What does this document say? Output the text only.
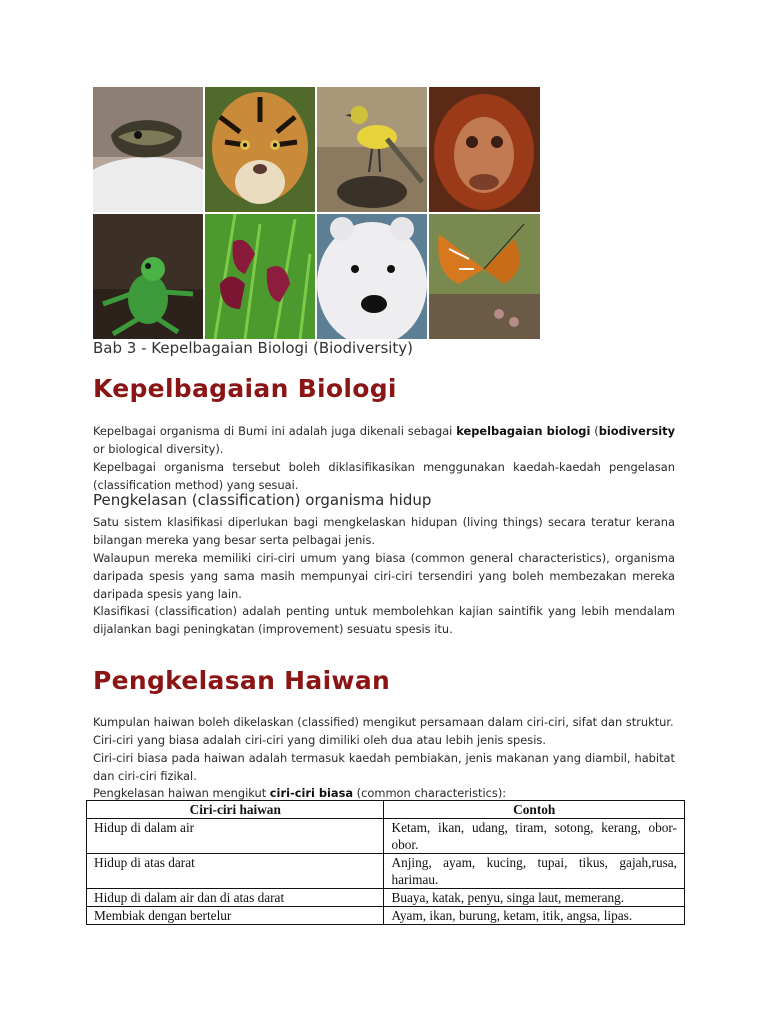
Bab 3 - Kepelbagaian Biologi (Biodiversity)
Kepelbagaian Biologi

Kepelbagai organisma di Bumi ini adalah juga dikenali sebagai kepelbagaian biologi (biodiversity or biological diversity).

Kepelbagai organisma tersebut boleh diklasifikasikan menggunakan kaedah-kaedah pengelasan (classification method) yang sesuai.

Pengkelasan (classification) organisma hidup

Satu sistem klasifikasi diperlukan bagi mengkelaskan hidupan (living things) secara teratur kerana bilangan mereka yang besar serta pelbagai jenis.

Walaupun mereka memiliki ciri-ciri umum yang biasa (common general characteristics), organisma daripada spesis yang sama masih mempunyai ciri-ciri tersendiri yang boleh membezakan mereka daripada spesis yang lain.

Klasifikasi (classification) adalah penting untuk membolehkan kajian saintifik yang lebih mendalam dijalankan bagi peningkatan (improvement) sesuatu spesis itu.

Pengkelasan Haiwan

Kumpulan haiwan boleh dikelaskan (classified) mengikut persamaan dalam ciri-ciri, sifat dan struktur.

Ciri-ciri yang biasa adalah ciri-ciri yang dimiliki oleh dua atau lebih jenis spesis.

Ciri-ciri biasa pada haiwan adalah termasuk kaedah pembiakan, jenis makanan yang diambil, habitat dan ciri-ciri fizikal.

Pengkelasan haiwan mengikut ciri-ciri biasa (common characteristics):

Ciri-ciri haiwan	Contoh
Hidup di dalam air	Ketam, ikan, udang, tiram, sotong, kerang, obor-obor.
Hidup di atas darat	Anjing, ayam, kucing, tupai, tikus, gajah,rusa, harimau.
Hidup di dalam air dan di atas darat	Buaya, katak, penyu, singa laut, memerang.
Membiak dengan bertelur	Ayam, ikan, burung, ketam, itik, angsa, lipas.
